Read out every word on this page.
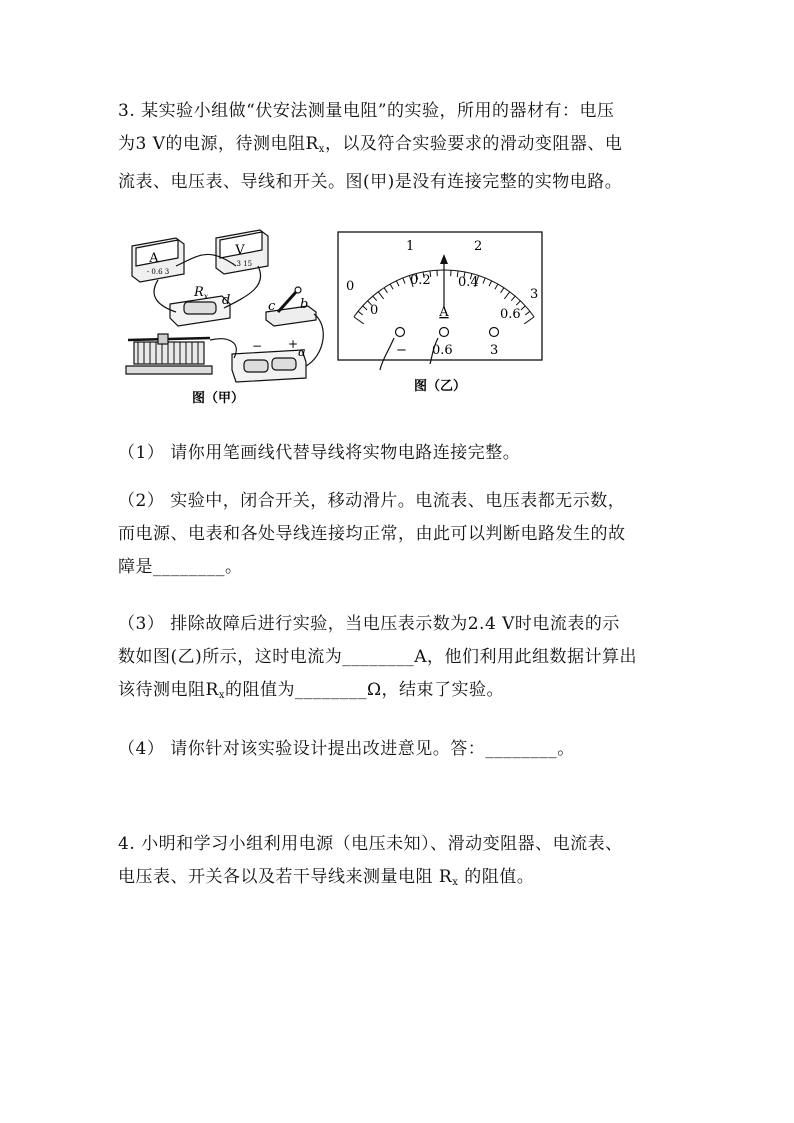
3. 某实验小组做“伏安法测量电阻”的实验，所用的器材有：电压
为3 V的电源，待测电阻$R_x$，以及符合实验要求的滑动变阻器、电
流表、电压表、导线和开关。图(甲)是没有连接完整的实物电路。
A
- 0.6 3
V
- 3 15
$R_x$ d	c b
a
− +
图（甲）
0
1	2
3
0
0.2 0.4
0.6
A
− 0.6	3
图（乙）

（1） 请你用笔画线代替导线将实物电路连接完整。

（2） 实验中，闭合开关，移动滑片。电流表、电压表都无示数，
而电源、电表和各处导线连接均正常，由此可以判断电路发生的故
障是________。
（3） 排除故障后进行实验，当电压表示数为2.4 V时电流表的示
数如图(乙)所示，这时电流为________A，他们利用此组数据计算出
该待测电阻$R_x$的阻值为________Ω，结束了实验。

（4） 请你针对该实验设计提出改进意见。答：________。

4. 小明和学习小组利用电源（电压未知）、滑动变阻器、电流表、
电压表、开关各以及若干导线来测量电阻 $R_x$ 的阻值。
